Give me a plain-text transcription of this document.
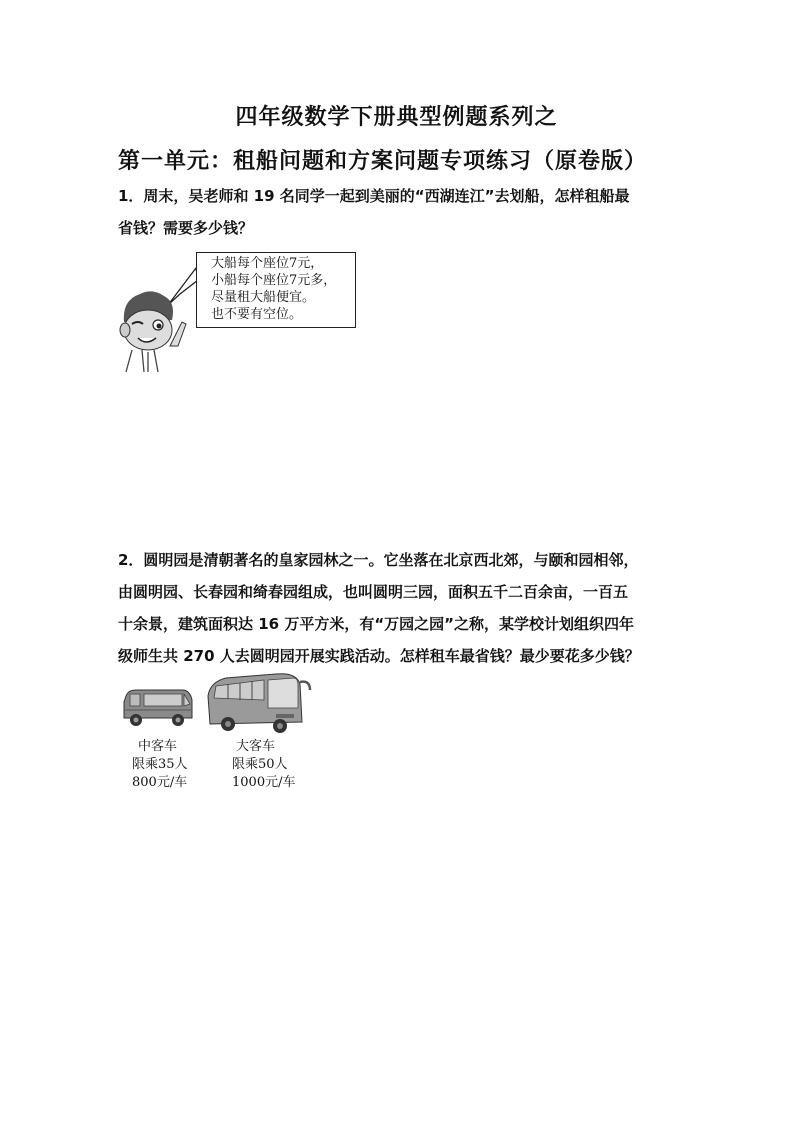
四年级数学下册典型例题系列之
第一单元：租船问题和方案问题专项练习（原卷版）
1．周末，吴老师和 19 名同学一起到美丽的“西湖连江”去划船，怎样租船最
省钱？需要多少钱？
大船每个座位7元，
小船每个座位7元多，
尽量租大船便宜。
也不要有空位。
2．圆明园是清朝著名的皇家园林之一。它坐落在北京西北郊，与颐和园相邻，
由圆明园、长春园和绮春园组成，也叫圆明三园，面积五千二百余亩，一百五
十余景，建筑面积达 16 万平方米，有“万园之园”之称，某学校计划组织四年
级师生共 270 人去圆明园开展实践活动。怎样租车最省钱？最少要花多少钱？
中客车
限乘35人
800元/车
大客车
限乘50人
1000元/车
